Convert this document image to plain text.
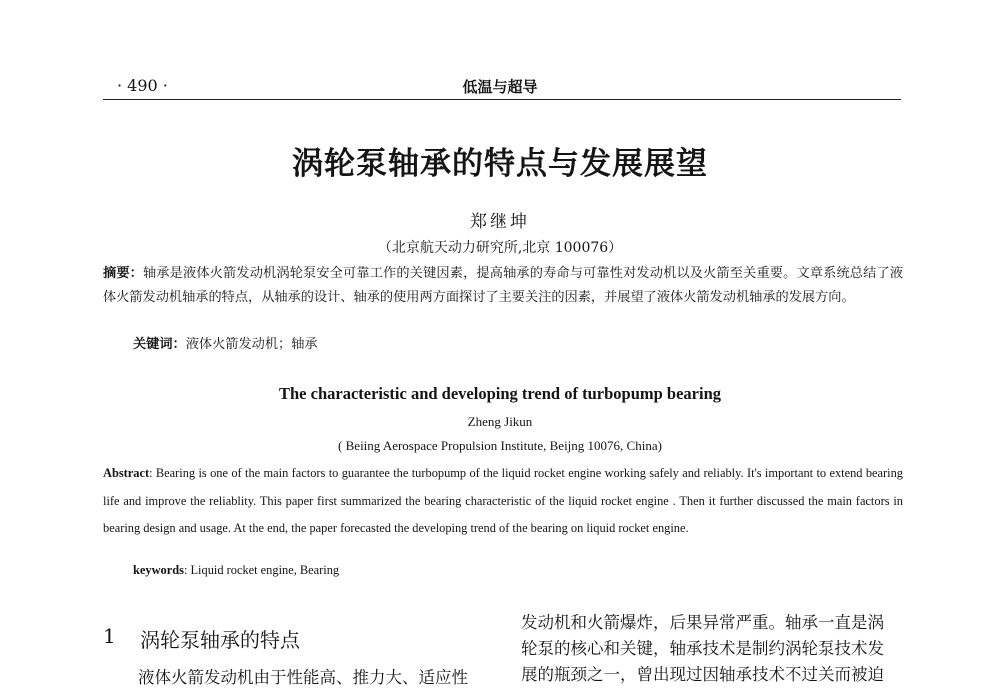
· 490 ·	低温与超导
涡轮泵轴承的特点与发展展望
郑继坤
（北京航天动力研究所,北京 100076）
摘要：轴承是液体火箭发动机涡轮泵安全可靠工作的关键因素，提高轴承的寿命与可靠性对发动机以及火箭至关重要。文章系统总结了液体火箭发动机轴承的特点，从轴承的设计、轴承的使用两方面探讨了主要关注的因素，并展望了液体火箭发动机轴承的发展方向。
关键词：液体火箭发动机；轴承
The characteristic and developing trend of turbopump bearing
Zheng Jikun
( Beiing Aerospace Propulsion Institute, Beijng 10076, China)
Abstract: Bearing is one of the main factors to guarantee the turbopump of the liquid rocket engine working safely and reliably. It's important to extend bearing life and improve the reliablity. This paper first summarized the bearing characteristic of the liquid rocket engine . Then it further discussed the main factors in bearing design and usage. At the end, the paper forecasted the developing trend of the bearing on liquid rocket engine.
keywords: Liquid rocket engine, Bearing
1 涡轮泵轴承的特点
液体火箭发动机由于性能高、推力大、适应性
发动机和火箭爆炸，后果异常严重。轴承一直是涡
轮泵的核心和关键，轴承技术是制约涡轮泵技术发
展的瓶颈之一，曾出现过因轴承技术不过关而被迫
